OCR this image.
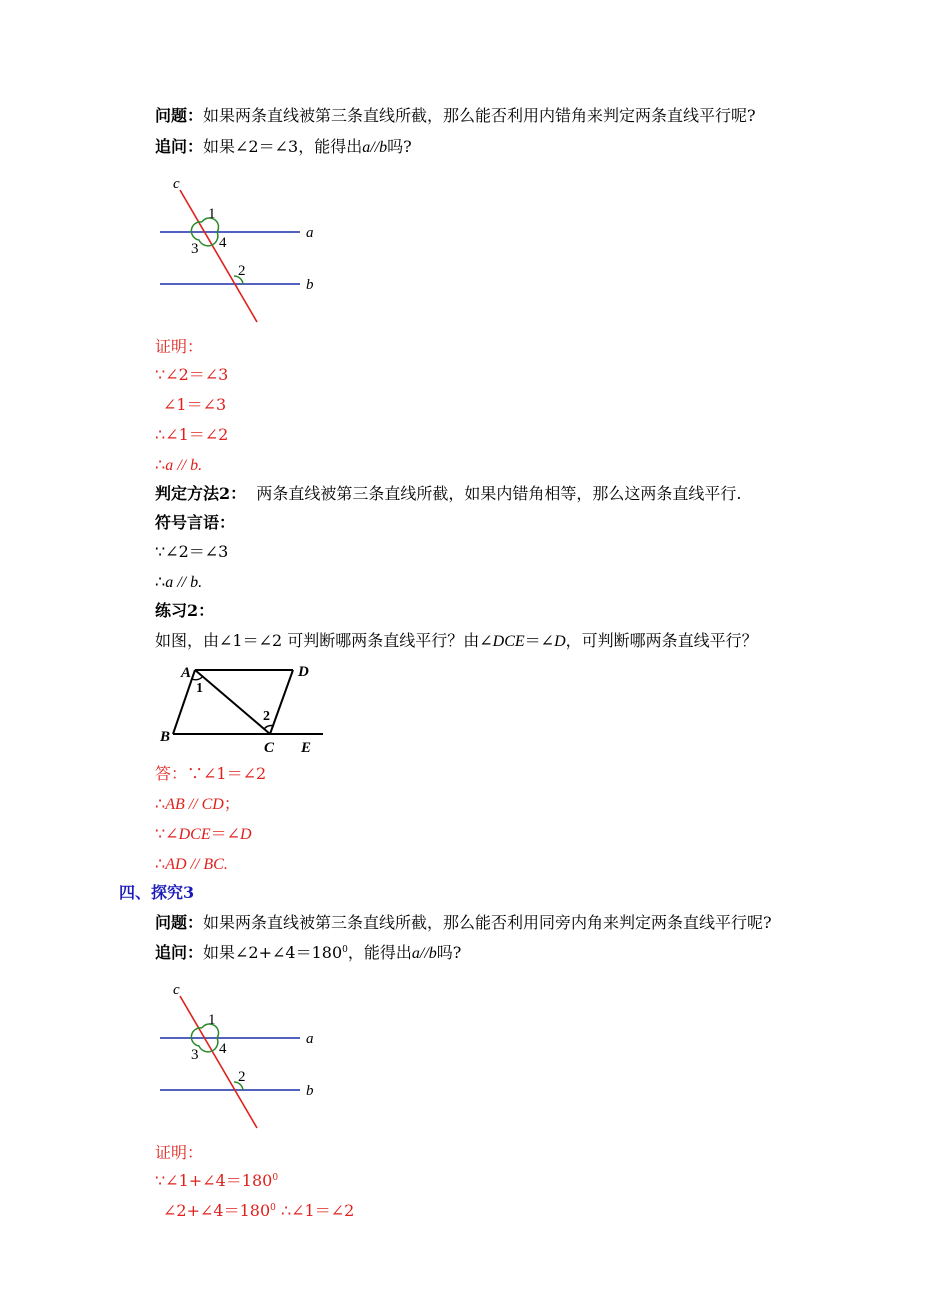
问题：如果两条直线被第三条直线所截，那么能否利用内错角来判定两条直线平行呢?
追问：如果∠2＝∠3，能得出a//b吗?
c
1
3 4
2
a
b
证明：
∵∠2＝∠3
∠1＝∠3
∴∠1＝∠2
∴a // b.
判定方法2： 两条直线被第三条直线所截，如果内错角相等，那么这两条直线平行.
符号言语：
∵∠2＝∠3
∴a // b.
练习2：
如图，由∠1＝∠2 可判断哪两条直线平行？由∠DCE＝∠D，可判断哪两条直线平行？
A
1
D
2
B
C E
答：∵∠1＝∠2
∴AB // CD；
∵∠DCE＝∠D
∴AD // BC.
四、探究3
问题：如果两条直线被第三条直线所截，那么能否利用同旁内角来判定两条直线平行呢?
追问：如果$\angle 2+\angle 4=180^0$，能得出a//b吗?
c
1
3 4
2
a
b
证明：
$\because\angle 1+\angle 4=180^0$
$\angle 2+\angle 4=180^0$ ∴∠1＝∠2
